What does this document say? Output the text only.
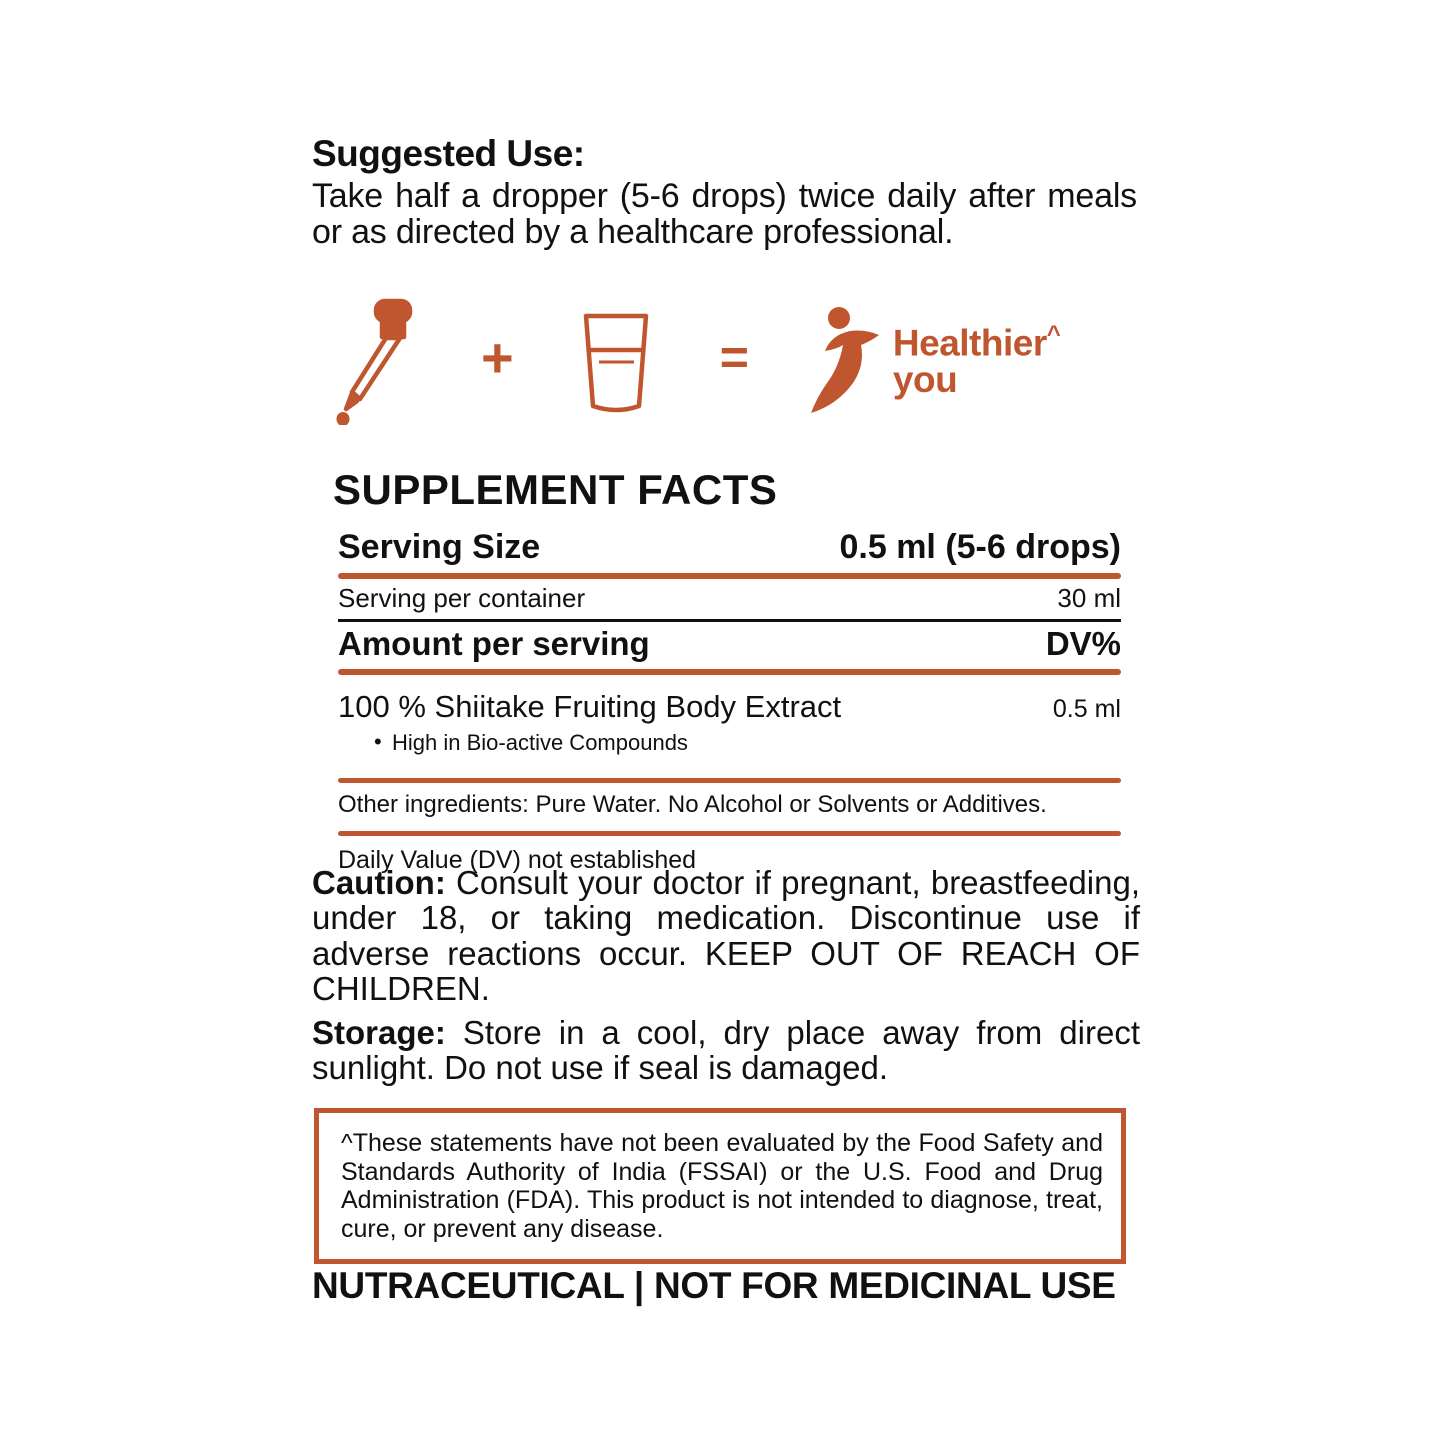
Suggested Use:

Take half a dropper (5-6 drops) twice daily after meals or as directed by a healthcare professional.

+	=	Healthier^
you
SUPPLEMENT FACTS
Serving Size	0.5 ml (5-6 drops)
Serving per container	30 ml
Amount per serving	DV%
100 % Shiitake Fruiting Body Extract	0.5 ml
• High in Bio-active Compounds
Other ingredients: Pure Water. No Alcohol or Solvents or Additives.
Daily Value (DV) not established
Caution: Consult your doctor if pregnant, breastfeeding, under 18, or taking medication. Discontinue use if adverse reactions occur. KEEP OUT OF REACH OF CHILDREN.
Storage: Store in a cool, dry place away from direct sunlight. Do not use if seal is damaged.

^These statements have not been evaluated by the Food Safety and Standards Authority of India (FSSAI) or the U.S. Food and Drug Administration (FDA). This product is not intended to diagnose, treat, cure, or prevent any disease.

NUTRACEUTICAL | NOT FOR MEDICINAL USE
